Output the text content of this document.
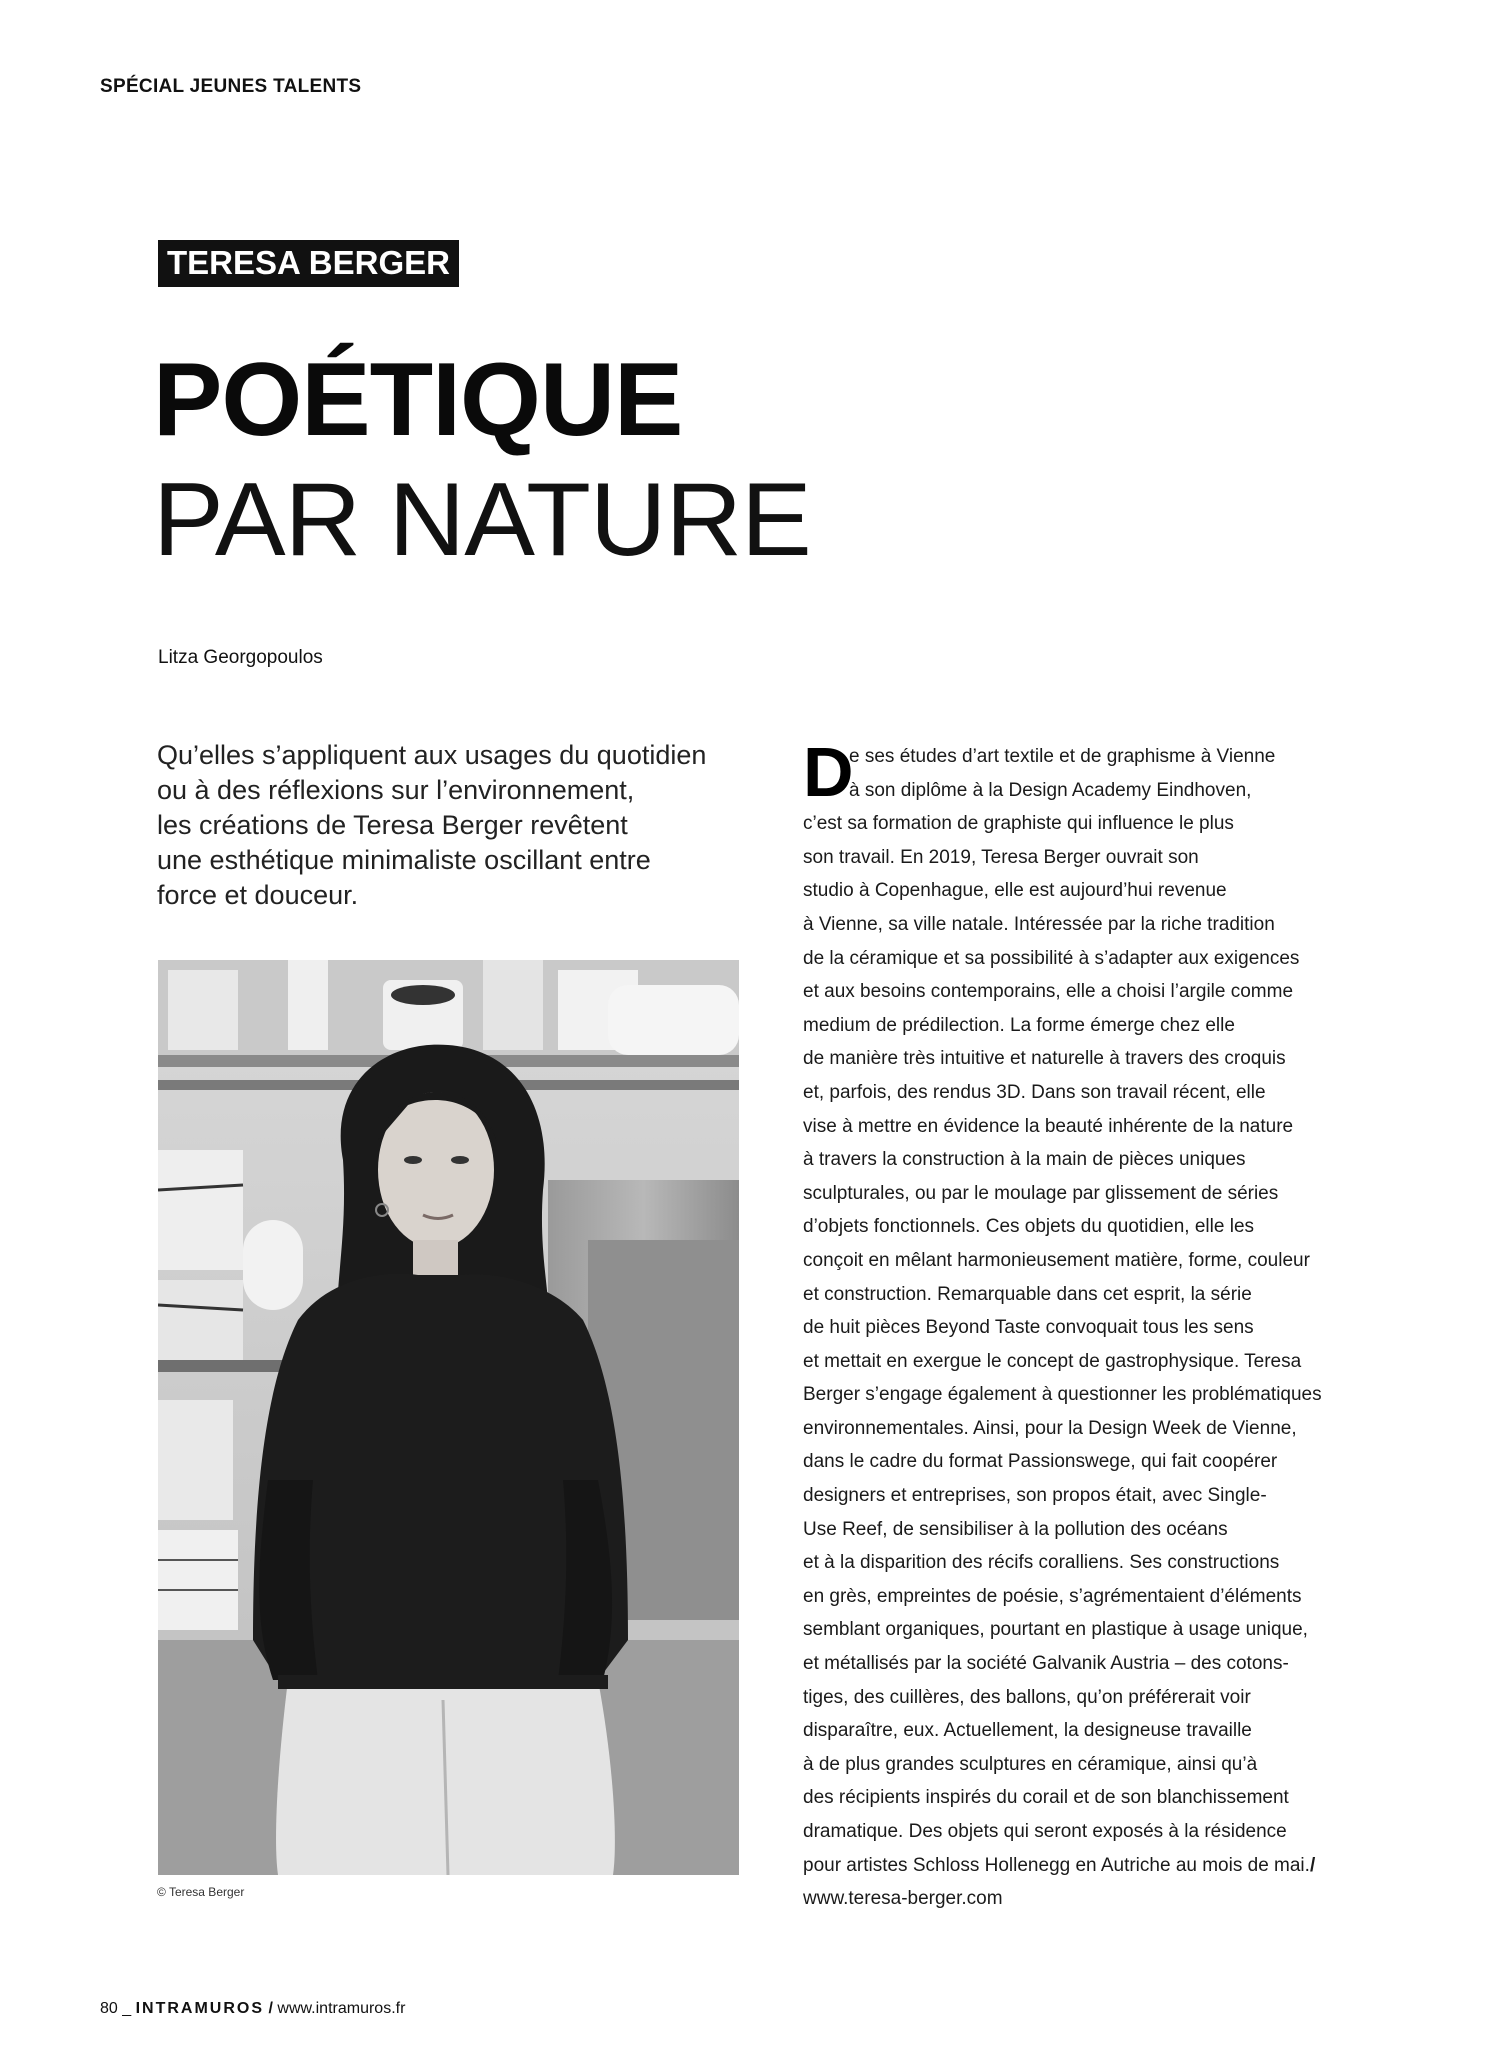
SPÉCIAL JEUNES TALENTS
TERESA BERGER
POÉTIQUE
PAR NATURE
Litza Georgopoulos
Qu’elles s’appliquent aux usages du quotidien
ou à des réflexions sur l’environnement,
les créations de Teresa Berger revêtent
une esthétique minimaliste oscillant entre
force et douceur.
© Teresa Berger
D
e ses études d’art textile et de graphisme à Vienne
à son diplôme à la Design Academy Eindhoven,
c’est sa formation de graphiste qui influence le plus
son travail. En 2019, Teresa Berger ouvrait son
studio à Copenhague, elle est aujourd’hui revenue
à Vienne, sa ville natale. Intéressée par la riche tradition
de la céramique et sa possibilité à s’adapter aux exigences
et aux besoins contemporains, elle a choisi l’argile comme
medium de prédilection. La forme émerge chez elle
de manière très intuitive et naturelle à travers des croquis
et, parfois, des rendus 3D. Dans son travail récent, elle
vise à mettre en évidence la beauté inhérente de la nature
à travers la construction à la main de pièces uniques
sculpturales, ou par le moulage par glissement de séries
d’objets fonctionnels. Ces objets du quotidien, elle les
conçoit en mêlant harmonieusement matière, forme, couleur
et construction. Remarquable dans cet esprit, la série
de huit pièces Beyond Taste convoquait tous les sens
et mettait en exergue le concept de gastrophysique. Teresa
Berger s’engage également à questionner les problématiques
environnementales. Ainsi, pour la Design Week de Vienne,
dans le cadre du format Passionswege, qui fait coopérer
designers et entreprises, son propos était, avec Single-
Use Reef, de sensibiliser à la pollution des océans
et à la disparition des récifs coralliens. Ses constructions
en grès, empreintes de poésie, s’agrémentaient d’éléments
semblant organiques, pourtant en plastique à usage unique,
et métallisés par la société Galvanik Austria – des cotons-
tiges, des cuillères, des ballons, qu’on préférerait voir
disparaître, eux. Actuellement, la designeuse travaille
à de plus grandes sculptures en céramique, ainsi qu’à
des récipients inspirés du corail et de son blanchissement
dramatique. Des objets qui seront exposés à la résidence
pour artistes Schloss Hollenegg en Autriche au mois de mai./
www.teresa-berger.com
80 _ INTRAMUROS / www.intramuros.fr
